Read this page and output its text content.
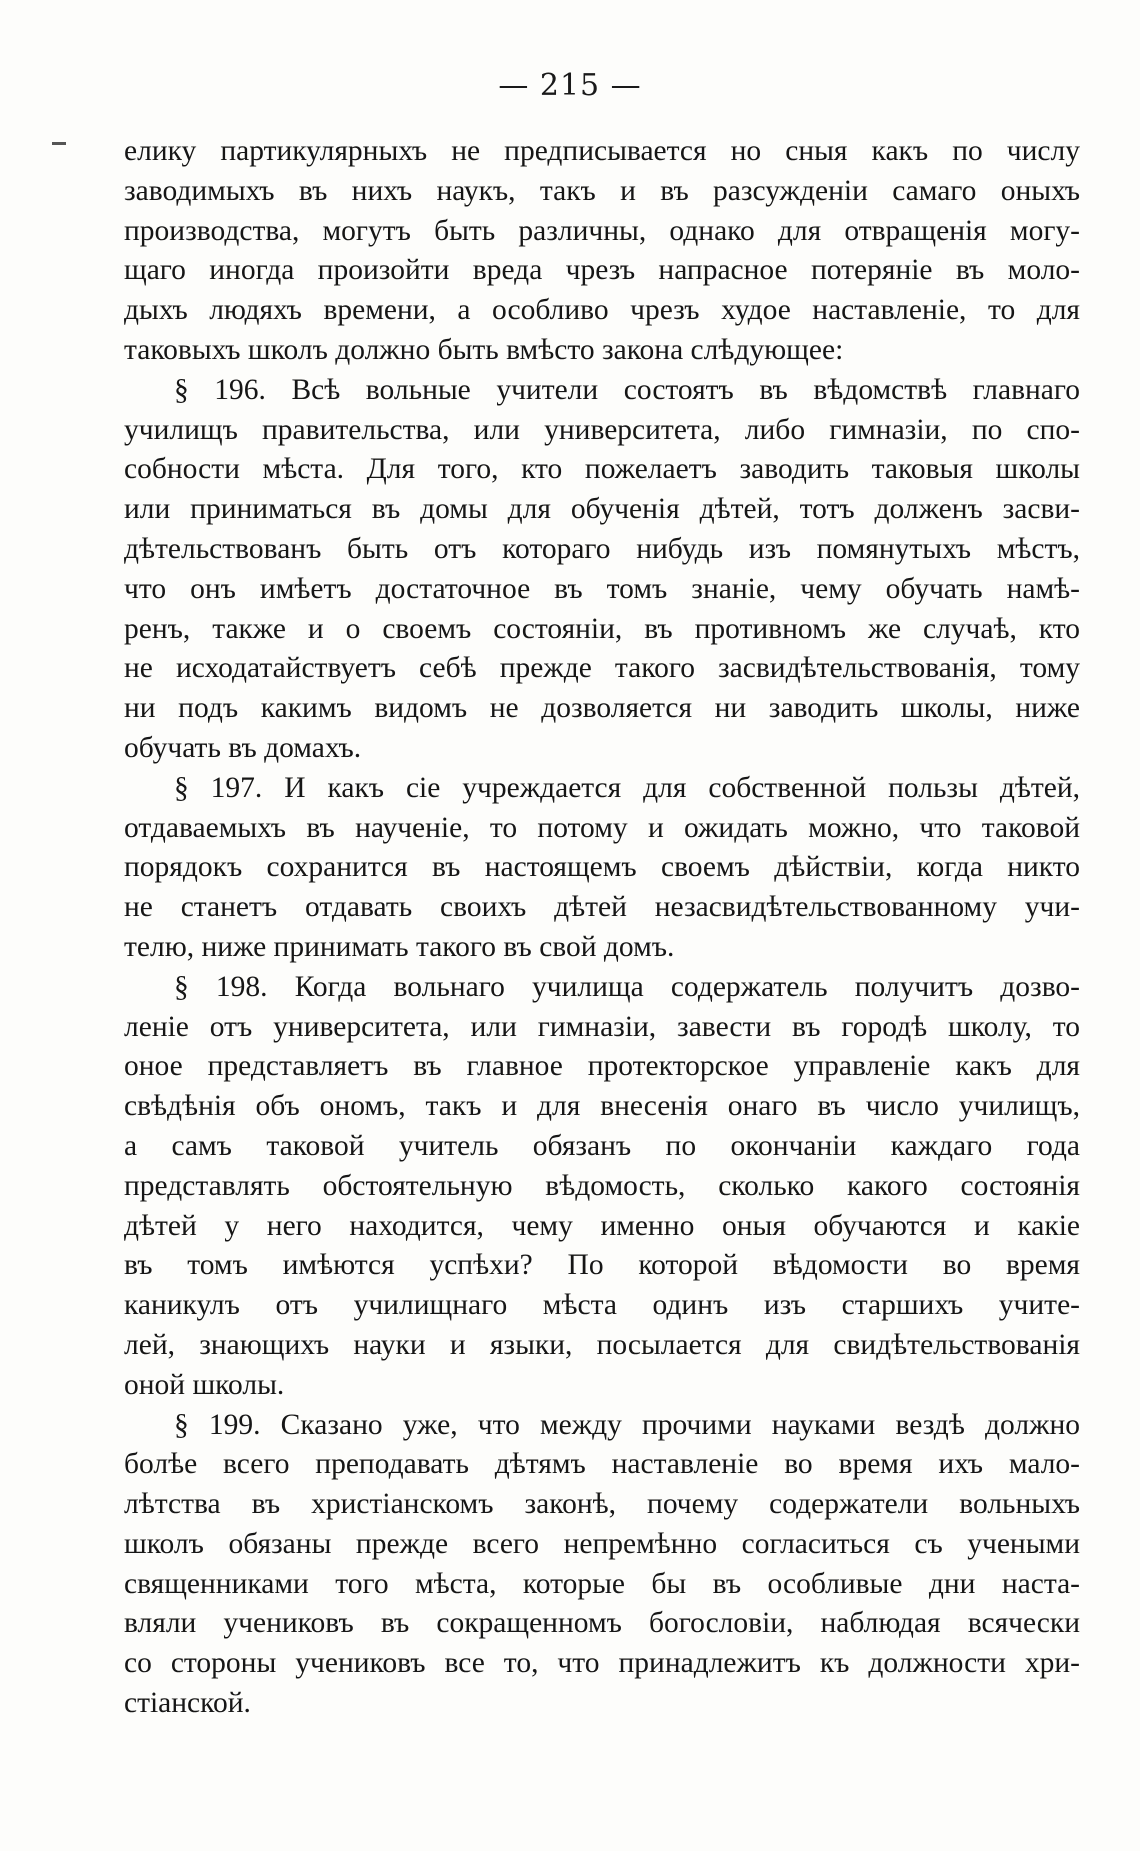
— 215 —
елику партикулярныхъ не предписывается но сныя какъ по числу
заводимыхъ въ нихъ наукъ, такъ и въ разсужденiи самаго оныхъ
производства, могутъ быть различны, однако для отвращенiя могу-
щаго иногда произойти вреда чрезъ напрасное потерянiе въ моло-
дыхъ людяхъ времени, а особливо чрезъ худое наставленiе, то для
таковыхъ школъ должно быть вмѣсто закона слѣдующее:
§ 196. Всѣ вольные учители состоятъ въ вѣдомствѣ главнаго
училищъ правительства, или университета, либо гимназiи, по спо-
собности мѣста. Для того, кто пожелаетъ заводить таковыя школы
или приниматься въ домы для обученiя дѣтей, тотъ долженъ засви-
дѣтельствованъ быть отъ котораго нибудь изъ помянутыхъ мѣстъ,
что онъ имѣетъ достаточное въ томъ знанiе, чему обучать намѣ-
ренъ, также и о своемъ состоянiи, въ противномъ же случаѣ, кто
не исходатайствуетъ себѣ прежде такого засвидѣтельствованiя, тому
ни подъ какимъ видомъ не дозволяется ни заводить школы, ниже
обучать въ домахъ.
§ 197. И какъ сiе учреждается для собственной пользы дѣтей,
отдаваемыхъ въ наученiе, то потому и ожидать можно, что таковой
порядокъ сохранится въ настоящемъ своемъ дѣйствiи, когда никто
не станетъ отдавать своихъ дѣтей незасвидѣтельствованному учи-
телю, ниже принимать такого въ свой домъ.
§ 198. Когда вольнаго училища содержатель получитъ дозво-
ленiе отъ университета, или гимназiи, завести въ городѣ школу, то
оное представляетъ въ главное протекторское управленiе какъ для
свѣдѣнiя объ ономъ, такъ и для внесенiя онаго въ число училищъ,
а самъ таковой учитель обязанъ по окончанiи каждаго года
представлять обстоятельную вѣдомость, сколько какого состоянiя
дѣтей у него находится, чему именно оныя обучаются и какiе
въ томъ имѣются успѣхи? По которой вѣдомости во время
каникулъ отъ училищнаго мѣста одинъ изъ старшихъ учите-
лей, знающихъ науки и языки, посылается для свидѣтельствованiя
оной школы.
§ 199. Сказано уже, что между прочими науками вездѣ должно
болѣе всего преподавать дѣтямъ наставленiе во время ихъ мало-
лѣтства въ христiанскомъ законѣ, почему содержатели вольныхъ
школъ обязаны прежде всего непремѣнно согласиться съ учеными
священниками того мѣста, которые бы въ особливые дни наста-
вляли учениковъ въ сокращенномъ богословiи, наблюдая всячески
со стороны учениковъ все то, что принадлежитъ къ должности хри-
стiанской.
